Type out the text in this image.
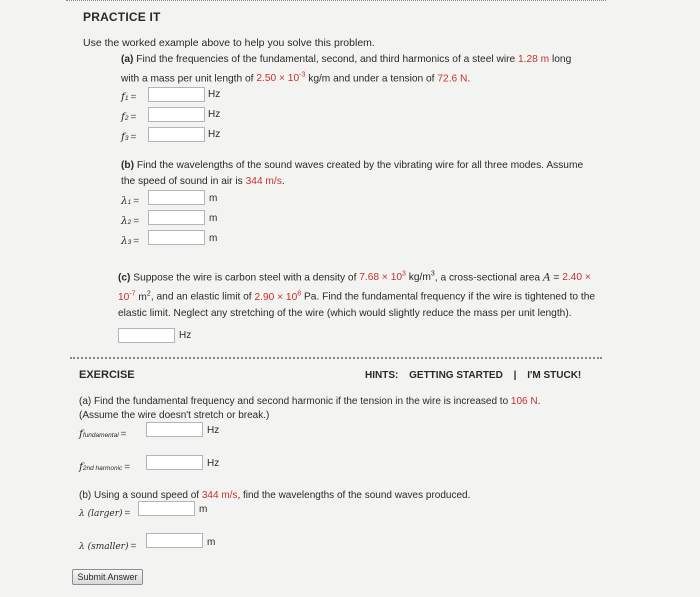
PRACTICE IT
Use the worked example above to help you solve this problem.
(a) Find the frequencies of the fundamental, second, and third harmonics of a steel wire 1.28 m long with a mass per unit length of $2.50 \times 10^{-3}$ kg/m and under a tension of 72.6 N.
f1 =	Hz
f2 =	Hz
f3 =	Hz
(b) Find the wavelengths of the sound waves created by the vibrating wire for all three modes. Assume the speed of sound in air is 344 m/s.
λ1 =	m
λ2 =	m
λ3 =	m
(c) Suppose the wire is carbon steel with a density of $7.68 \times 10^3$ $kg/m^3$, a cross-sectional area $A = 2.40 \times 10^{-7}$ $m^2$, and an elastic limit of $2.90 \times 10^8$ Pa. Find the fundamental frequency if the wire is tightened to the elastic limit. Neglect any stretching of the wire (which would slightly reduce the mass per unit length).
Hz
EXERCISE	HINTS: GETTING STARTED | I'M STUCK!
(a) Find the fundamental frequency and second harmonic if the tension in the wire is increased to 106 N.
(Assume the wire doesn't stretch or break.)
ffundamental =	Hz
f2nd harmonic =	Hz
(b) Using a sound speed of 344 m/s, find the wavelengths of the sound waves produced.
λ (larger) =	m
λ (smaller) =	m
Submit Answer
